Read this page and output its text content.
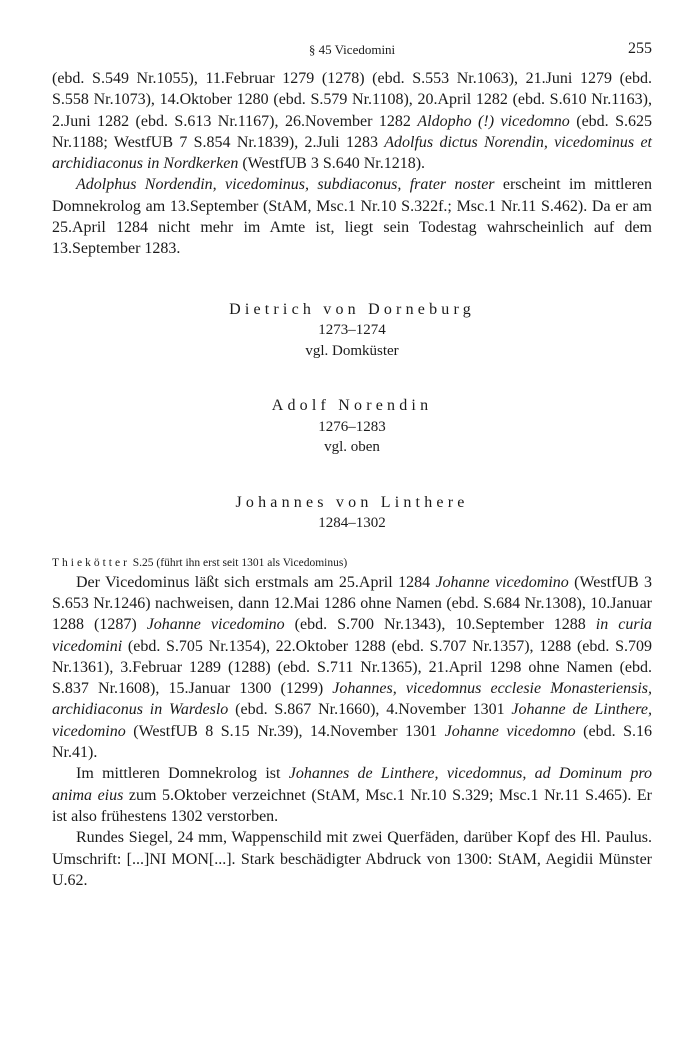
§ 45 Vicedomini	255

(ebd. S.549 Nr.1055), 11.Februar 1279 (1278) (ebd. S.553 Nr.1063), 21.Juni 1279 (ebd. S.558 Nr.1073), 14.Oktober 1280 (ebd. S.579 Nr.1108), 20.April 1282 (ebd. S.610 Nr.1163), 2.Juni 1282 (ebd. S.613 Nr.1167), 26.November 1282 Aldopho (!) vicedomno (ebd. S.625 Nr.1188; WestfUB 7 S.854 Nr.1839), 2.Juli 1283 Adolfus dictus Norendin, vicedominus et archidiaconus in Nordkerken (WestfUB 3 S.640 Nr.1218).

Adolphus Nordendin, vicedominus, subdiaconus, frater noster erscheint im mittleren Domnekrolog am 13.September (StAM, Msc.1 Nr.10 S.322f.; Msc.1 Nr.11 S.462). Da er am 25.April 1284 nicht mehr im Amte ist, liegt sein Todestag wahrscheinlich auf dem 13.September 1283.

Dietrich von Dorneburg
1273–1274
vgl. Domküster
Adolf Norendin
1276–1283
vgl. oben
Johannes von Linthere
1284–1302
Thiekötter S.25 (führt ihn erst seit 1301 als Vicedominus)

Der Vicedominus läßt sich erstmals am 25.April 1284 Johanne vicedomino (WestfUB 3 S.653 Nr.1246) nachweisen, dann 12.Mai 1286 ohne Namen (ebd. S.684 Nr.1308), 10.Januar 1288 (1287) Johanne vicedomino (ebd. S.700 Nr.1343), 10.September 1288 in curia vicedomini (ebd. S.705 Nr.1354), 22.Oktober 1288 (ebd. S.707 Nr.1357), 1288 (ebd. S.709 Nr.1361), 3.Februar 1289 (1288) (ebd. S.711 Nr.1365), 21.April 1298 ohne Namen (ebd. S.837 Nr.1608), 15.Januar 1300 (1299) Johannes, vicedomnus ecclesie Monasteriensis, archidiaconus in Wardeslo (ebd. S.867 Nr.1660), 4.November 1301 Johanne de Linthere, vicedomino (WestfUB 8 S.15 Nr.39), 14.November 1301 Johanne vicedomno (ebd. S.16 Nr.41).

Im mittleren Domnekrolog ist Johannes de Linthere, vicedomnus, ad Dominum pro anima eius zum 5.Oktober verzeichnet (StAM, Msc.1 Nr.10 S.329; Msc.1 Nr.11 S.465). Er ist also frühestens 1302 verstorben.

Rundes Siegel, 24 mm, Wappenschild mit zwei Querfäden, darüber Kopf des Hl. Paulus. Umschrift: [...]NI MON[...]. Stark beschädigter Abdruck von 1300: StAM, Aegidii Münster U.62.
